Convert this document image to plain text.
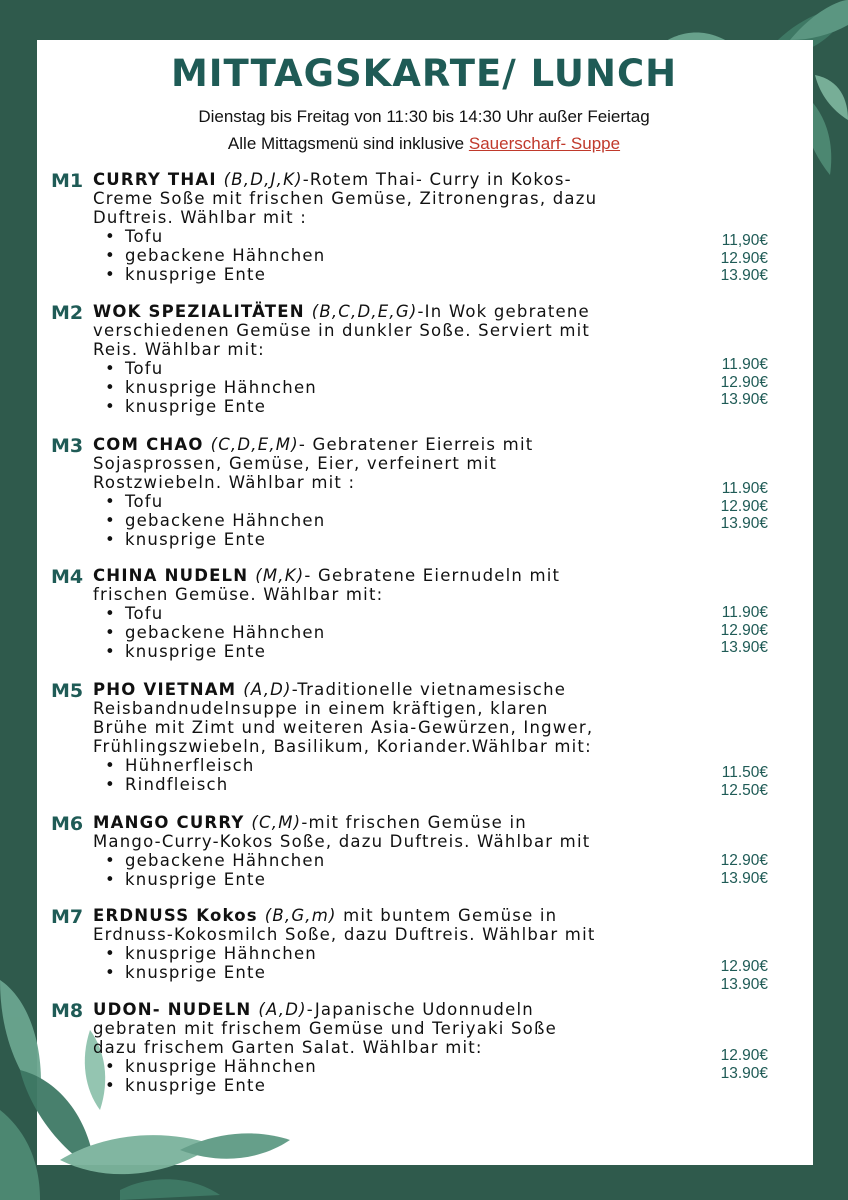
MITTAGSKARTE/ LUNCH
Dienstag bis Freitag von 11:30 bis 14:30 Uhr außer Feiertag
Alle Mittagsmenü sind inklusive Sauerscharf- Suppe
M1 CURRY THAI (B,D,J,K)-Rotem Thai- Curry in Kokos-
Creme Soße mit frischen Gemüse, Zitronengras, dazu
Duftreis. Wählbar mit :
• Tofu
• gebackene Hähnchen
• knusprige Ente
11,90€
12.90€
13.90€
M2 WOK SPEZIALITÄTEN (B,C,D,E,G)-In Wok gebratene
verschiedenen Gemüse in dunkler Soße. Serviert mit
Reis. Wählbar mit:
• Tofu
• knusprige Hähnchen
• knusprige Ente
11.90€
12.90€
13.90€
M3 COM CHAO (C,D,E,M)- Gebratener Eierreis mit
Sojasprossen, Gemüse, Eier, verfeinert mit
Rostzwiebeln. Wählbar mit :
• Tofu
• gebackene Hähnchen
• knusprige Ente
11.90€
12.90€
13.90€
M4 CHINA NUDELN (M,K)- Gebratene Eiernudeln mit
frischen Gemüse. Wählbar mit:
• Tofu
• gebackene Hähnchen
• knusprige Ente
11.90€
12.90€
13.90€
M5 PHO VIETNAM (A,D)-Traditionelle vietnamesische
Reisbandnudelnsuppe in einem kräftigen, klaren
Brühe mit Zimt und weiteren Asia-Gewürzen, Ingwer,
Frühlingszwiebeln, Basilikum, Koriander.Wählbar mit:
• Hühnerfleisch
• Rindfleisch
11.50€
12.50€
M6 MANGO CURRY (C,M)-mit frischen Gemüse in
Mango-Curry-Kokos Soße, dazu Duftreis. Wählbar mit
• gebackene Hähnchen
• knusprige Ente
12.90€
13.90€
M7 ERDNUSS Kokos (B,G,m) mit buntem Gemüse in
Erdnuss-Kokosmilch Soße, dazu Duftreis. Wählbar mit
• knusprige Hähnchen
• knusprige Ente	12.90€
13.90€
M8 UDON- NUDELN (A,D)-Japanische Udonnudeln
gebraten mit frischem Gemüse und Teriyaki Soße
dazu frischem Garten Salat. Wählbar mit:
• knusprige Hähnchen
• knusprige Ente
12.90€
13.90€
